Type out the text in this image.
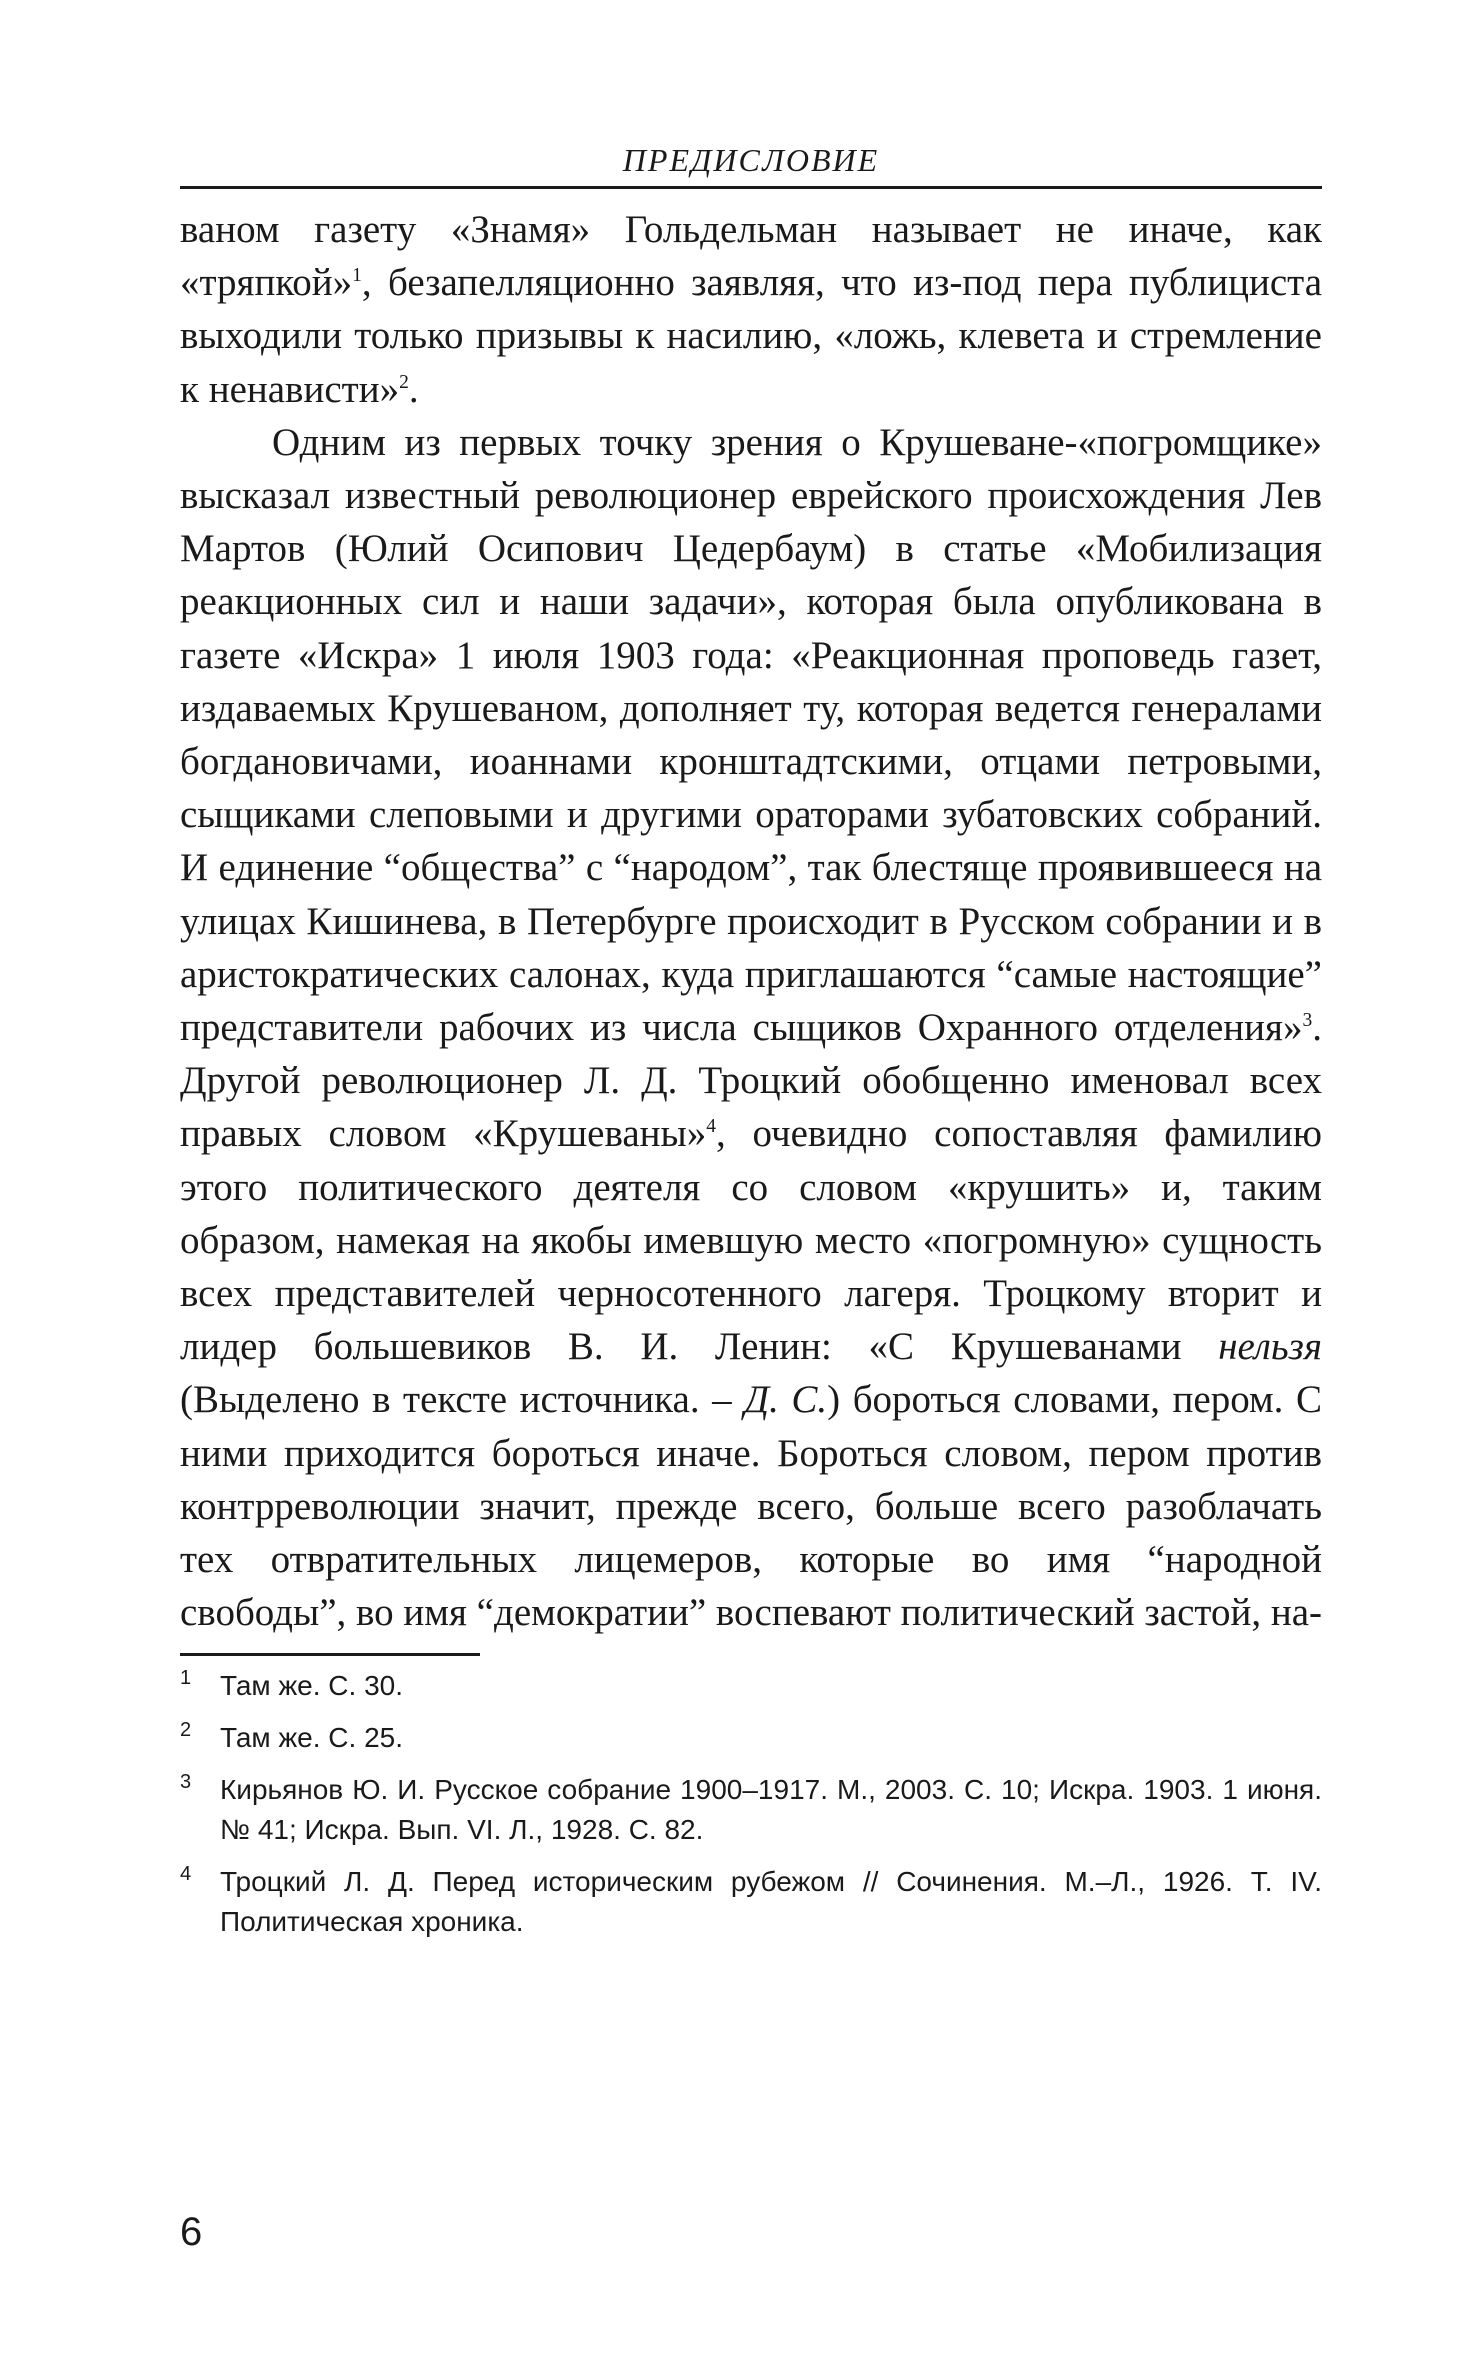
ПРЕДИСЛОВИЕ

ваном газету «Знамя» Гольдельман называет не иначе, как «тряпкой»$^1$, безапелляционно заявляя, что из-под пера публициста выходили только призывы к насилию, «ложь, клевета и стремление к ненависти»$^2$.

Одним из первых точку зрения о Крушеване-«погромщике» высказал известный революционер еврейского происхождения Лев Мартов (Юлий Осипович Цедербаум) в статье «Мобилизация реакционных сил и наши задачи», которая была опубликована в газете «Искра» 1 июля 1903 года: «Реакционная проповедь газет, издаваемых Крушеваном, дополняет ту, которая ведется генералами богдановичами, иоаннами кронштадтскими, отцами петровыми, сыщиками слеповыми и другими ораторами зубатовских собраний. И единение “общества” с “народом”, так блестяще проявившееся на улицах Кишинева, в Петербурге происходит в Русском собрании и в аристократических салонах, куда приглашаются “самые настоящие” представители рабочих из числа сыщиков Охранного отделения»$^3$. Другой революционер Л. Д. Троцкий обобщенно именовал всех правых словом «Крушеваны»$^4$, очевидно сопоставляя фамилию этого политического деятеля со словом «крушить» и, таким образом, намекая на якобы имевшую место «погромную» сущность всех представителей черносотенного лагеря. Троцкому вторит и лидер большевиков В. И. Ленин: «С Крушеванами нельзя (Выделено в тексте источника. – Д. С.) бороться словами, пером. С ними приходится бороться иначе. Бороться словом, пером против контрреволюции значит, прежде всего, больше всего разоблачать тех отвратительных лицемеров, которые во имя “народной свободы”, во имя “демократии” воспевают политический застой, на-

1 Там же. С. 30.
2 Там же. С. 25.
3 Кирьянов Ю. И. Русское собрание 1900–1917. М., 2003. С. 10; Искра. 1903. 1 июня. № 41; Искра. Вып. VI. Л., 1928. С. 82.
4 Троцкий Л. Д. Перед историческим рубежом // Сочинения. М.–Л., 1926. Т. IV. Политическая хроника.
6
